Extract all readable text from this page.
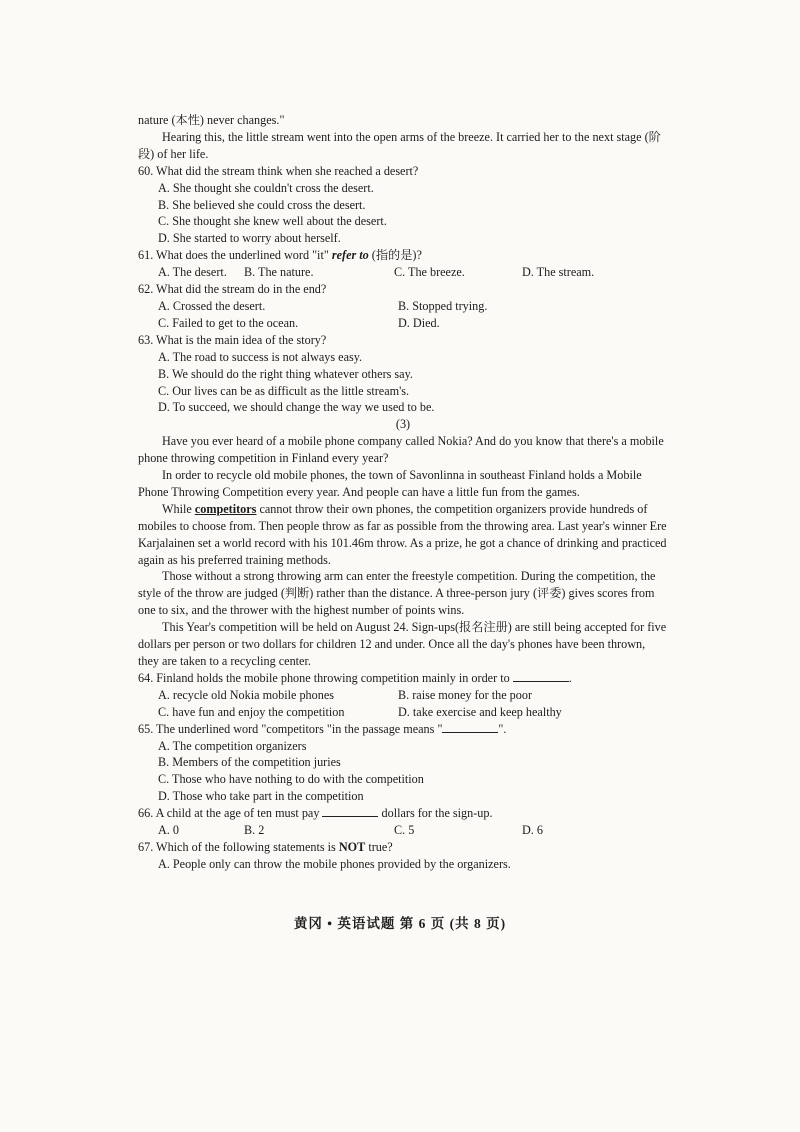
nature (本性) never changes."

Hearing this, the little stream went into the open arms of the breeze. It carried her to the next stage (阶段) of her life.

60. What did the stream think when she reached a desert?

A. She thought she couldn't cross the desert.

B. She believed she could cross the desert.

C. She thought she knew well about the desert.

D. She started to worry about herself.

61. What does the underlined word "it" refer to (指的是)?

A. The desert.	B. The nature.	C. The breeze.	D. The stream.

62. What did the stream do in the end?

A. Crossed the desert.	B. Stopped trying.
C. Failed to get to the ocean.	D. Died.

63. What is the main idea of the story?

A. The road to success is not always easy.

B. We should do the right thing whatever others say.

C. Our lives can be as difficult as the little stream's.

D. To succeed, we should change the way we used to be.

(3)

Have you ever heard of a mobile phone company called Nokia? And do you know that there's a mobile phone throwing competition in Finland every year?

In order to recycle old mobile phones, the town of Savonlinna in southeast Finland holds a Mobile Phone Throwing Competition every year. And people can have a little fun from the games.

While competitors cannot throw their own phones, the competition organizers provide hundreds of mobiles to choose from. Then people throw as far as possible from the throwing area. Last year's winner Ere Karjalainen set a world record with his 101.46m throw. As a prize, he got a chance of drinking and practiced again as his preferred training methods.

Those without a strong throwing arm can enter the freestyle competition. During the competition, the style of the throw are judged (判断) rather than the distance. A three-person jury (评委) gives scores from one to six, and the thrower with the highest number of points wins.

This Year's competition will be held on August 24. Sign-ups(报名注册) are still being accepted for five dollars per person or two dollars for children 12 and under. Once all the day's phones have been thrown, they are taken to a recycling center.

64. Finland holds the mobile phone throwing competition mainly in order to	.

A. recycle old Nokia mobile phones	B. raise money for the poor
C. have fun and enjoy the competition	D. take exercise and keep healthy

65. The underlined word "competitors "in the passage means "	".

A. The competition organizers

B. Members of the competition juries

C. Those who have nothing to do with the competition

D. Those who take part in the competition

66. A child at the age of ten must pay	dollars for the sign-up.

A. 0	B. 2	C. 5	D. 6

67. Which of the following statements is NOT true?

A. People only can throw the mobile phones provided by the organizers.

黄冈 • 英语试题 第 6 页 (共 8 页)
